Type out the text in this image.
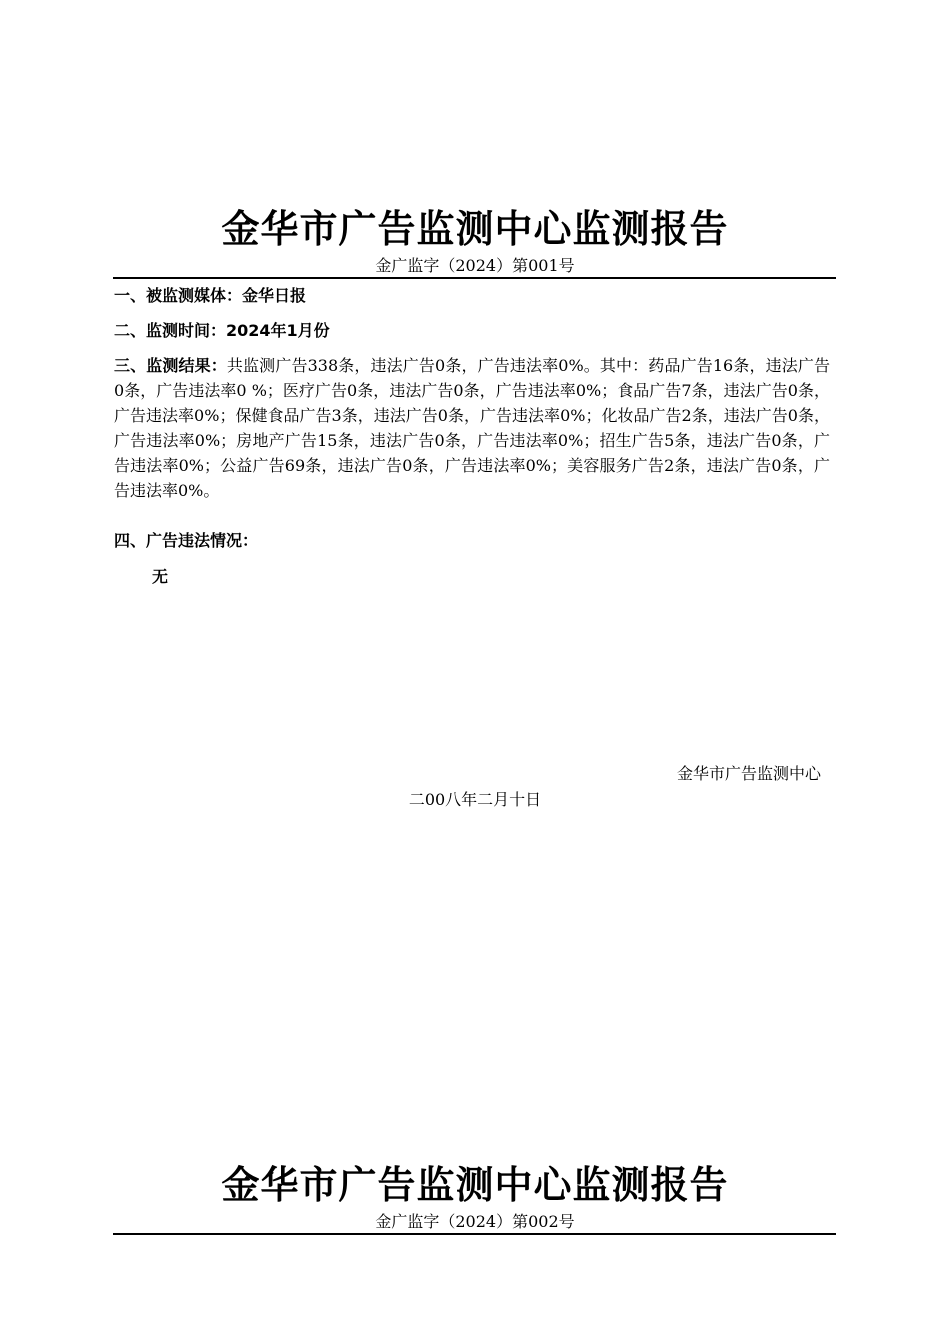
金华市广告监测中心监测报告
金广监字（2024）第001号
一、被监测媒体：金华日报
二、监测时间：2024年1月份
三、监测结果：共监测广告338条，违法广告0条，广告违法率0%。其中：药品广告16条，违法广告0条，广告违法率0 %；医疗广告0条，违法广告0条，广告违法率0%；食品广告7条，违法广告0条，广告违法率0%；保健食品广告3条，违法广告0条，广告违法率0%；化妆品广告2条，违法广告0条，广告违法率0%；房地产广告15条，违法广告0条，广告违法率0%；招生广告5条，违法广告0条，广告违法率0%；公益广告69条，违法广告0条，广告违法率0%；美容服务广告2条，违法广告0条，广告违法率0%。
四、广告违法情况：
无
金华市广告监测中心
二00八年二月十日
金华市广告监测中心监测报告
金广监字（2024）第002号
